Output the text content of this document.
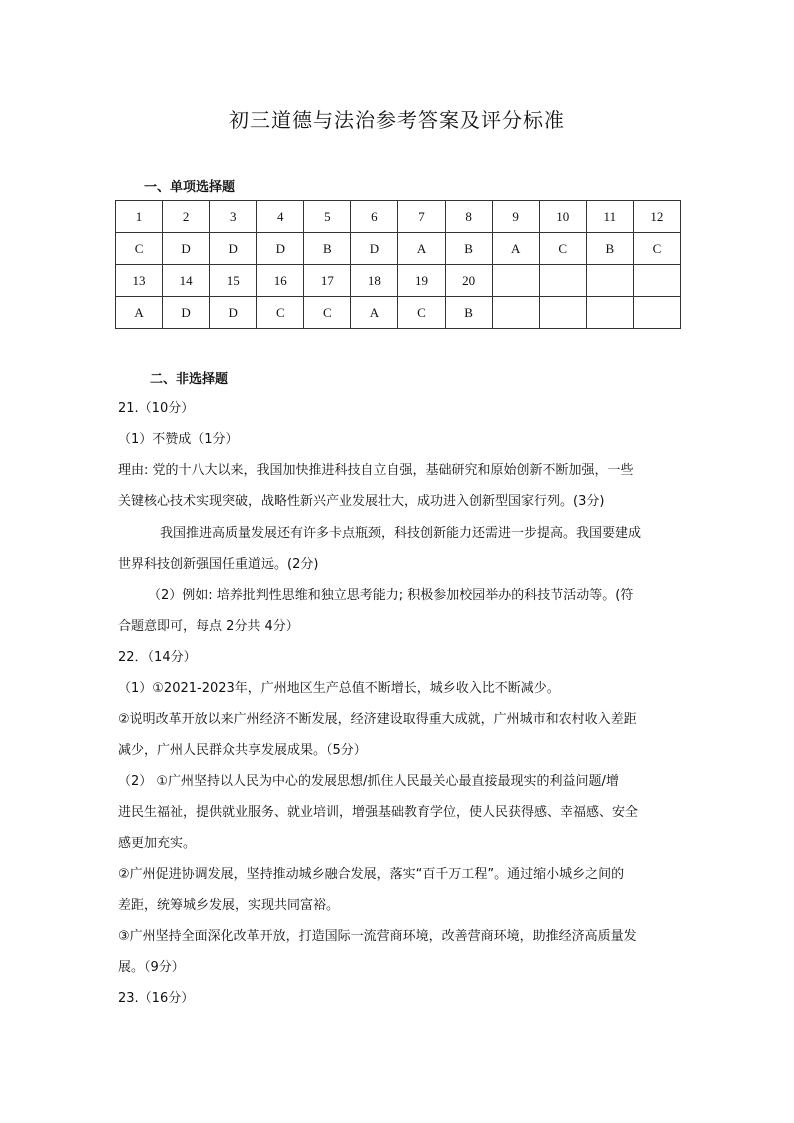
初三道德与法治参考答案及评分标准
一、单项选择题
1	2	3	4	5	6	7	8	9	10	11	12
C	D	D	D	B	D	A	B	A	C	B	C
13	14	15	16	17	18	19	20				
A	D	D	C	C	A	C	B				
二、非选择题
21.（10分）
（1）不赞成（1分）
理由: 党的十八大以来，我国加快推进科技自立自强，基础研究和原始创新不断加强，一些
关键核心技术实现突破，战略性新兴产业发展壮大，成功进入创新型国家行列。(3分)
我国推进高质量发展还有许多卡点瓶颈，科技创新能力还需进一步提高。我国要建成
世界科技创新强国任重道远。(2分)
（2）例如: 培养批判性思维和独立思考能力; 积极参加校园举办的科技节活动等。(符
合题意即可，每点 2分共 4分）
22．（14分）
（1）①2021-2023年，广州地区生产总值不断增长，城乡收入比不断减少。
②说明改革开放以来广州经济不断发展，经济建设取得重大成就，广州城市和农村收入差距
减少，广州人民群众共享发展成果。（5分）
（2） ①广州坚持以人民为中心的发展思想/抓住人民最关心最直接最现实的利益问题/增
进民生福祉，提供就业服务、就业培训，增强基础教育学位，使人民获得感、幸福感、安全
感更加充实。
②广州促进协调发展，坚持推动城乡融合发展，落实“百千万工程”。通过缩小城乡之间的
差距，统筹城乡发展，实现共同富裕。
③广州坚持全面深化改革开放，打造国际一流营商环境，改善营商环境，助推经济高质量发
展。（9分）
23.（16分）
